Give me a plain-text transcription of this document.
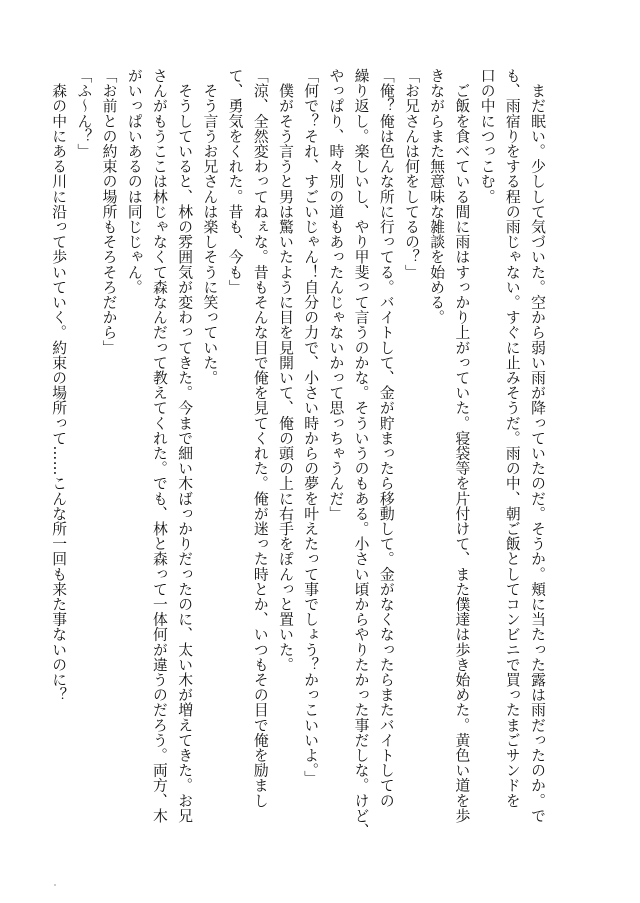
　まだ眠い。少しして気づいた。空から弱い雨が降っていたのだ。そうか。頬に当たった露は雨だったのか。で
も、雨宿りをする程の雨じゃない。すぐに止みそうだ。雨の中、朝ご飯としてコンビニで買ったまごサンドを
口の中につっこむ。
　ご飯を食べている間に雨はすっかり上がっていた。寝袋等を片付けて、また僕達は歩き始めた。黄色い道を歩
きながらまた無意味な雑談を始める。
「お兄さんは何をしてるの？」
「俺？俺は色んな所に行ってる。バイトして、金が貯まったら移動して。金がなくなったらまたバイトしての
繰り返し。楽しいし、やり甲斐って言うのかな。そういうのもある。小さい頃からやりたかった事だしな。けど、
やっぱり、時々別の道もあったんじゃないかって思っちゃうんだ」
「何で？それ、すごいじゃん！自分の力で、小さい時からの夢を叶えたって事でしょう？かっこいいよ。」
　僕がそう言うと男は驚いたように目を見開いて、俺の頭の上に右手をぽんっと置いた。
「涼、全然変わってねぇな。昔もそんな目で俺を見てくれた。俺が迷った時とか、いつもその目で俺を励まし
て、勇気をくれた。昔も、今も」
　そう言うお兄さんは楽しそうに笑っていた。
　そうしていると、林の雰囲気が変わってきた。今まで細い木ばっかりだったのに、太い木が増えてきた。お兄
さんがもうここは林じゃなくて森なんだって教えてくれた。でも、林と森って一体何が違うのだろう。両方、木
がいっぱいあるのは同じじゃん。
「お前との約束の場所もそろそろだから」
「ふ〜ん？」
　森の中にある川に沿って歩いていく。約束の場所って……こんな所一回も来た事ないのに？
